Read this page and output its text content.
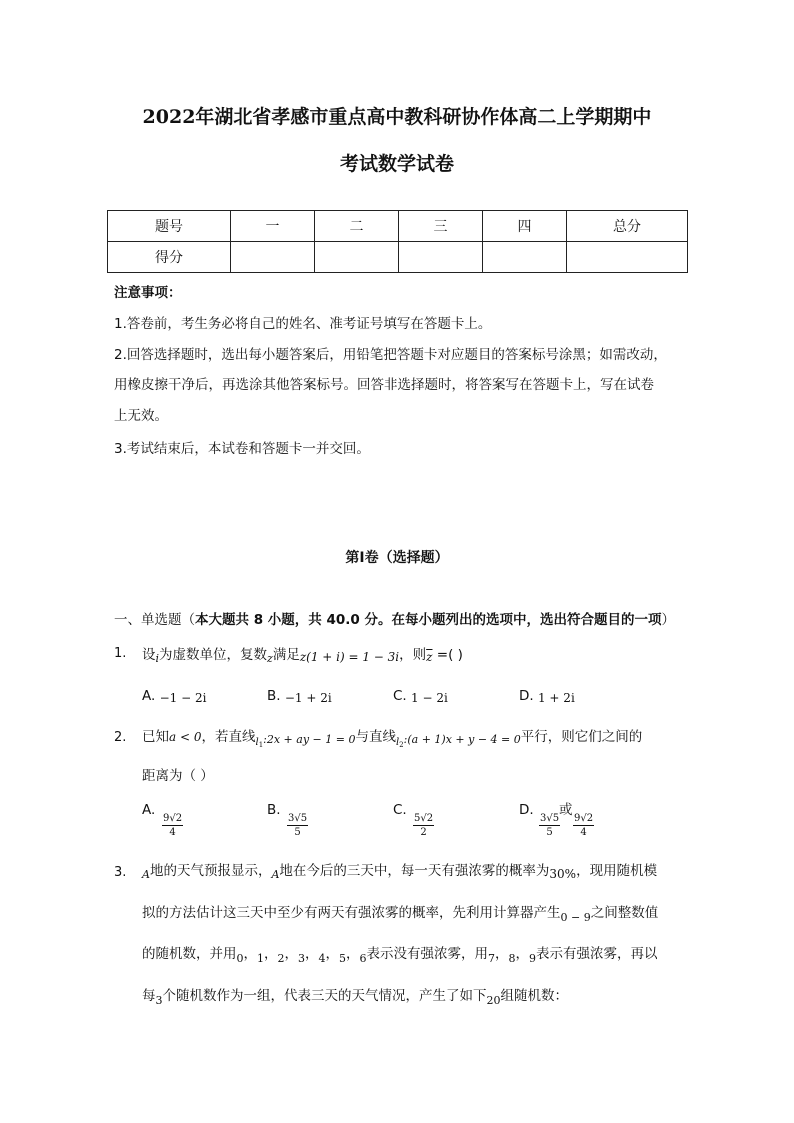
2022年湖北省孝感市重点高中教科研协作体高二上学期期中
考试数学试卷
题号	一	二	三	四	总分
得分					
注意事项：
1.答卷前，考生务必将自己的姓名、准考证号填写在答题卡上。
2.回答选择题时，选出每小题答案后，用铅笔把答题卡对应题目的答案标号涂黑；如需改动，
用橡皮擦干净后，再选涂其他答案标号。回答非选择题时，将答案写在答题卡上，写在试卷
上无效。
3.考试结束后，本试卷和答题卡一并交回。
第I卷（选择题）
一、单选题（本大题共 8 小题，共 40.0 分。在每小题列出的选项中，选出符合题目的一项）
1. 设$_i$为虚数单位，复数$_z$满足z(1 + i) = 1 − 3i，则$\overline{z}$ =( )
A. −1 − 2i	B. −1 + 2i	C. 1 − 2i	D. 1 + 2i
2. 已知a < 0，若直线$_{l1}$:2x + ay − 1 = 0与直线$_{l2}$:(a + 1)x + y − 4 = 0平行，则它们之间的
距离为（ ）
A.
$\frac{9√2}{4}$
B.
$\frac{3√5}{5}$
C.
$\frac{5√2}{2}$
D.
$\frac{3√5}{5}$
或
$\frac{9√2}{4}$
3. $_A$地的天气预报显示，$_A$地在今后的三天中，每一天有强浓雾的概率为30%，现用随机模
拟的方法估计这三天中至少有两天有强浓雾的概率，先利用计算器产生$_{0 - 9}$之间整数值
的随机数，并用$_0$，$_1$，$_2$，$_3$，$_4$，$_5$，$_6$表示没有强浓雾，用$_7$，$_8$，$_9$表示有强浓雾，再以
每$_3$个随机数作为一组，代表三天的天气情况，产生了如下$_{20}$组随机数：
